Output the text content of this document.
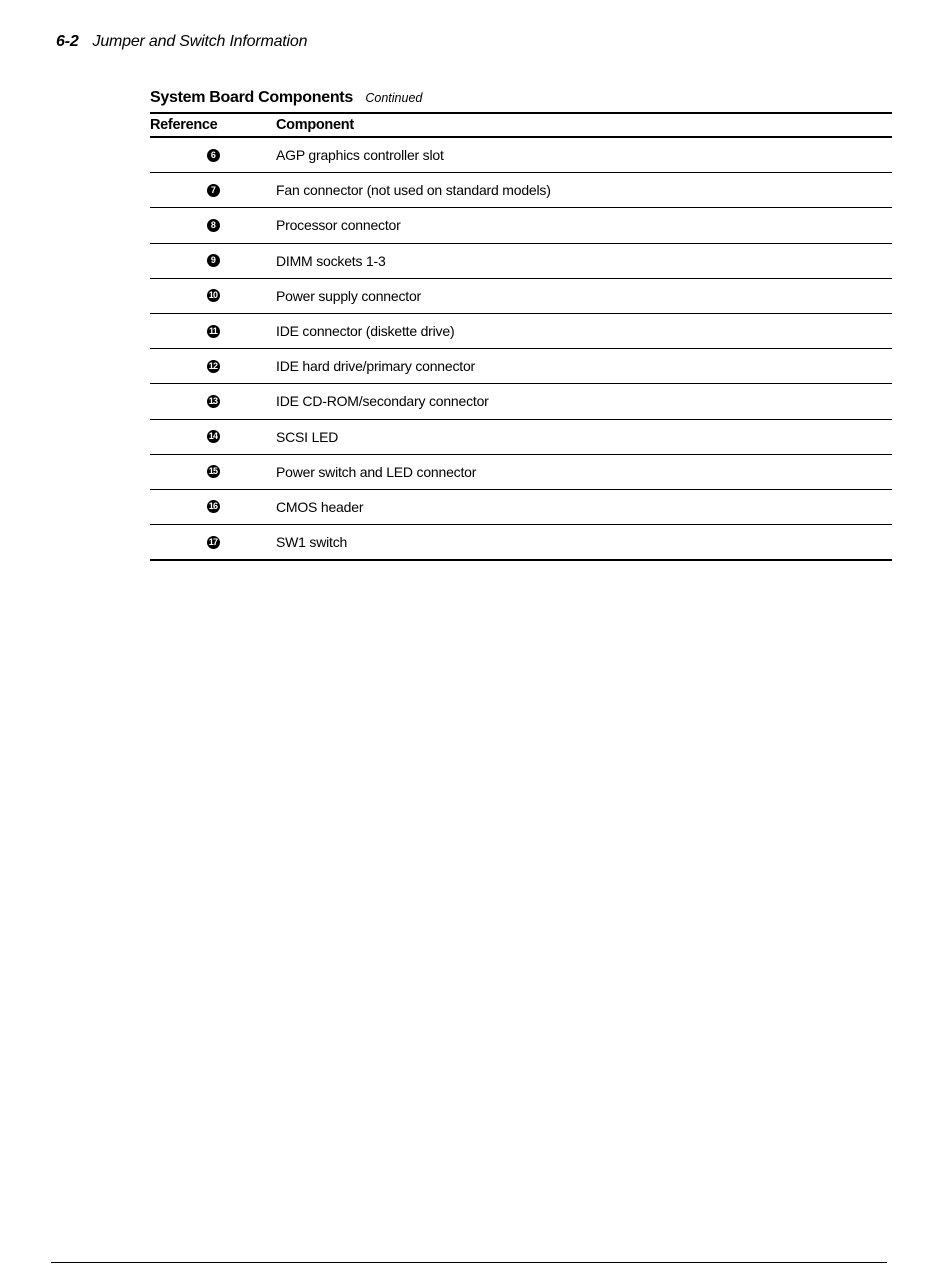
6-2 Jumper and Switch Information
System Board Components Continued
Reference	Component
6	AGP graphics controller slot
7	Fan connector (not used on standard models)
8	Processor connector
9	DIMM sockets 1-3
10	Power supply connector
11	IDE connector (diskette drive)
12	IDE hard drive/primary connector
13	IDE CD-ROM/secondary connector
14	SCSI LED
15	Power switch and LED connector
16	CMOS header
17	SW1 switch
